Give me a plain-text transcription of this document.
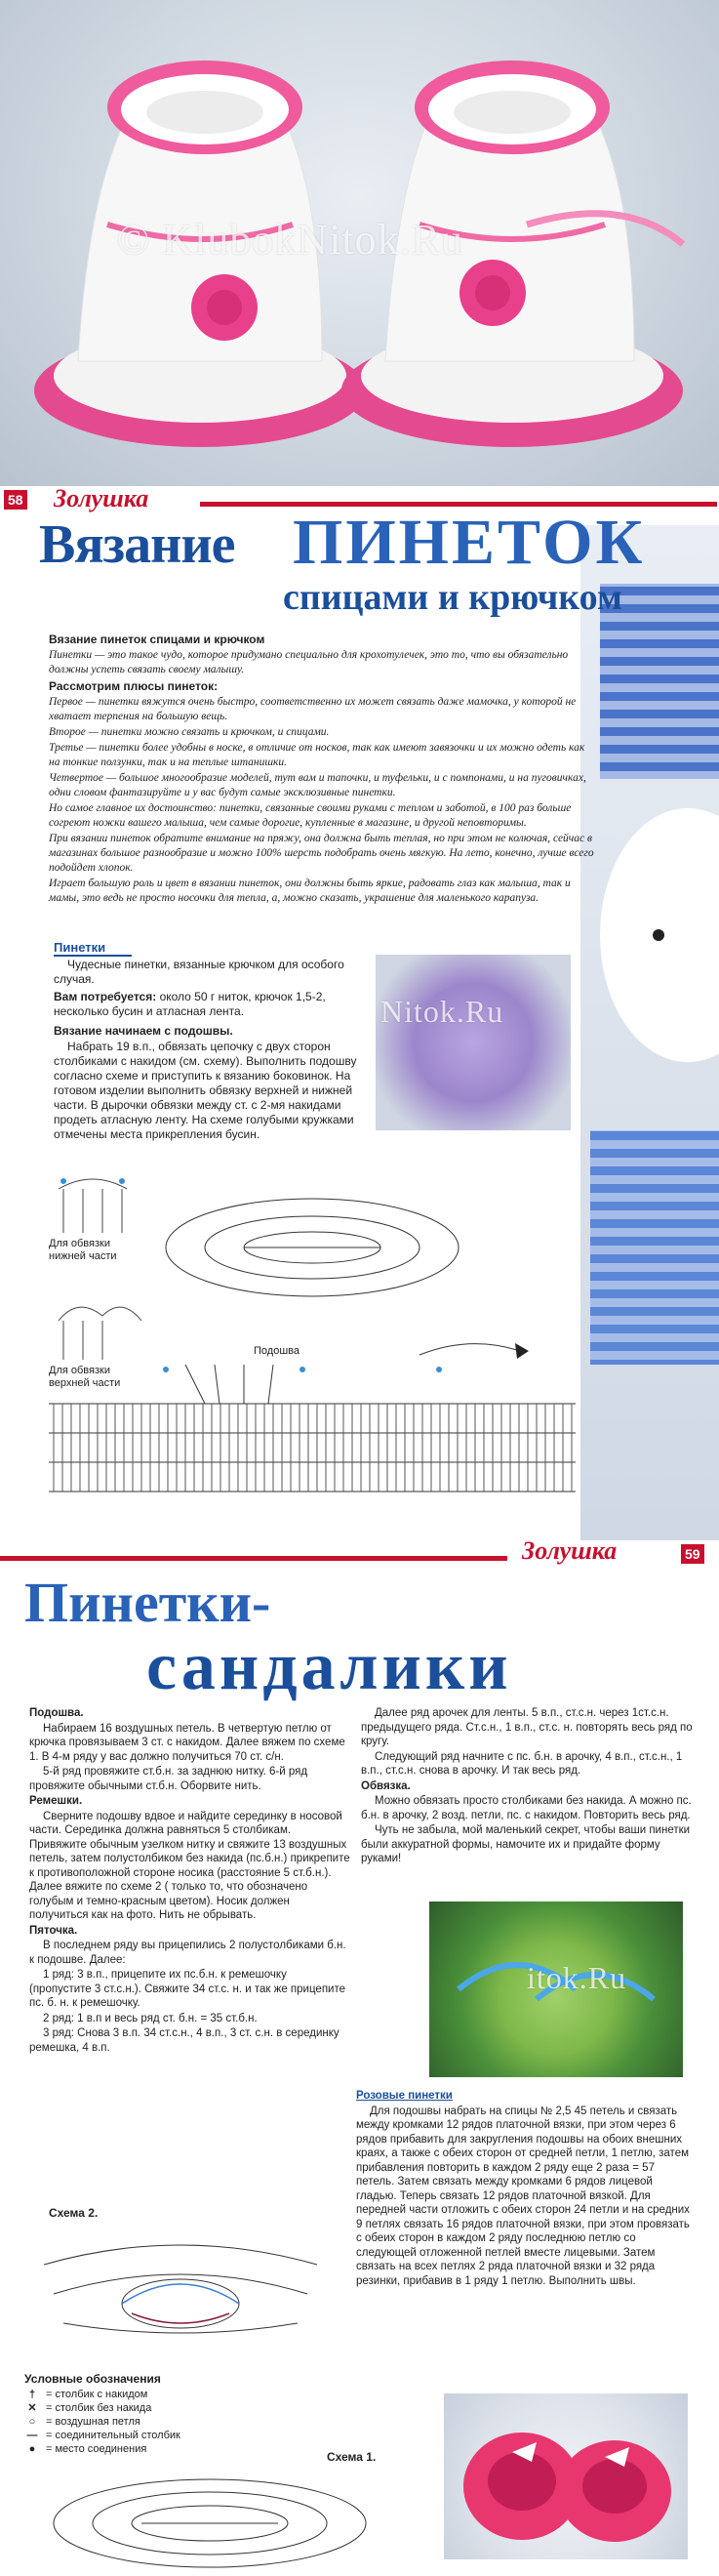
© KlubokNitok.Ru
58 Золушка
Вязание ПИНЕТОК
спицами и крючком

Вязание пинеток спицами и крючком

Пинетки — это такое чудо, которое придумано специально для крохотулечек, это то, что вы обязательно должны успеть связать своему малышу.

Рассмотрим плюсы пинеток:

Первое — пинетки вяжутся очень быстро, соответственно их может связать даже мамочка, у которой не хватает терпения на большую вещь.

Второе — пинетки можно связать и крючком, и спицами.

Третье — пинетки более удобны в носке, в отличие от носков, так как имеют завязочки и их можно одеть как на тонкие ползунки, так и на теплые штанишки.

Четвертое — большое многообразие моделей, тут вам и тапочки, и туфельки, и с помпонами, и на пуговичках, одни словом фантазируйте и у вас будут самые эксклюзивные пинетки.

Но самое главное их достоинство: пинетки, связанные своими руками с теплом и заботой, в 100 раз больше согреют ножки вашего малыша, чем самые дорогие, купленные в магазине, и другой неповторимы.

При вязании пинеток обратите внимание на пряжу, она должна быть теплая, но при этом не колючая, сейчас в магазинах большое разнообразие и можно 100% шерсть подобрать очень мягкую. На лето, конечно, лучше всего подойдет хлопок.

Играет большую роль и цвет в вязании пинеток, они должны быть яркие, радовать глаз как малыша, так и мамы, это ведь не просто носочки для тепла, а, можно сказать, украшение для маленького карапуза.

Пинетки

Чудесные пинетки, вязанные крючком для особого случая.

Вам потребуется: около 50 г ниток, крючок 1,5-2, несколько бусин и атласная лента.

Вязание начинаем с подошвы.

Набрать 19 в.п., обвязать цепочку с двух сторон столбиками с накидом (см. схему). Выполнить подошву согласно схеме и приступить к вязанию боковинок. На готовом изделии выполнить обвязку верхней и нижней части. В дырочки обвязки между ст. с 2-мя накидами продеть атласную ленту. На схеме голубыми кружками отмечены места прикрепления бусин.

Nitok.Ru
Для обвязки нижней части
Для обвязки верхней части
Подошва
Золушка	59
Пинетки-
сандалики

Подошва.

Набираем 16 воздушных петель. В четвертую петлю от крючка провязываем 3 ст. с накидом. Далее вяжем по схеме 1. В 4-м ряду у вас должно получиться 70 ст. с/н.

5-й ряд провяжите ст.б.н. за заднюю нитку. 6-й ряд провяжите обычными ст.б.н. Оборвите нить.

Ремешки.

Сверните подошву вдвое и найдите серединку в носовой части. Серединка должна равняться 5 столбикам. Привяжите обычным узелком нитку и свяжите 13 воздушных петель, затем полустолбиком без накида (пс.б.н.) прикрепите к противоположной стороне носика (расстояние 5 ст.б.н.). Далее вяжите по схеме 2 ( только то, что обозначено голубым и темно-красным цветом). Носик должен получиться как на фото. Нить не обрывать.

Пяточка.

В последнем ряду вы прицепились 2 полустолбиками б.н. к подошве. Далее:

1 ряд: 3 в.п., прицепите их пс.б.н. к ремешочку (пропустите 3 ст.с.н.). Свяжите 34 ст.с. н. и так же прицепите пс. б. н. к ремешочку.

2 ряд: 1 в.п и весь ряд ст. б.н. = 35 ст.б.н.

3 ряд: Снова 3 в.п. 34 ст.с.н., 4 в.п., 3 ст. с.н. в серединку ремешка, 4 в.п.

Далее ряд арочек для ленты. 5 в.п., ст.с.н. через 1ст.с.н. предыдущего ряда. Ст.с.н., 1 в.п., ст.с. н. повторять весь ряд по кругу.

Следующий ряд начните с пс. б.н. в арочку, 4 в.п., ст.с.н., 1 в.п., ст.с.н. снова в арочку. И так весь ряд.

Обвязка.

Можно обвязать просто столбиками без накида. А можно пс. б.н. в арочку, 2 возд. петли, пс. с накидом. Повторить весь ряд.

Чуть не забыла, мой маленький секрет, чтобы ваши пинетки были аккуратной формы, намочите их и придайте форму руками!

itok.Ru

Розовые пинетки

Для подошвы набрать на спицы № 2,5 45 петель и связать между кромками 12 рядов платочной вязки, при этом через 6 рядов прибавить для закругления подошвы на обоих внешних краях, а также с обеих сторон от средней петли, 1 петлю, затем прибавления повторить в каждом 2 ряду еще 2 раза = 57 петель. Затем связать между кромками 6 рядов лицевой гладью. Теперь связать 12 рядов платочной вязкой. Для передней части отложить с обеих сторон 24 петли и на средних 9 петлях связать 16 рядов платочной вязки, при этом провязать с обеих сторон в каждом 2 ряду последнюю петлю со следующей отложенной петлей вместе лицевыми. Затем связать на всех петлях 2 ряда платочной вязки и 32 ряда резинки, прибавив в 1 ряду 1 петлю. Выполнить швы.

Схема 2.

Условные обозначения

† = столбик с накидом
✕ = столбик без накида
○ = воздушная петля
— = соединительный столбик
● = место соединения
Схема 1.
